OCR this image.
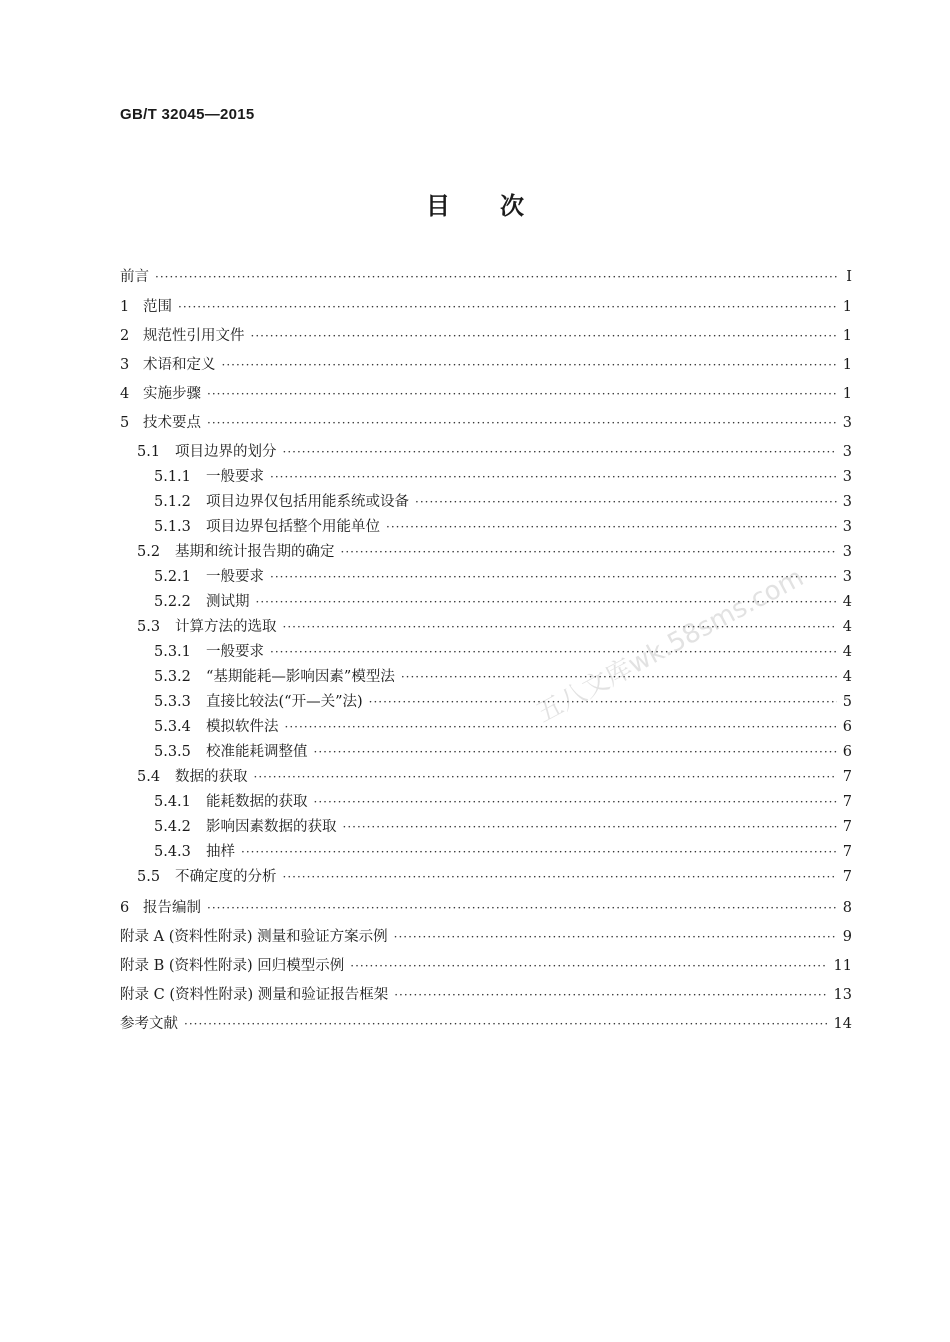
GB/T 32045—2015
目 次
前言 ·····	Ⅰ
1 范围 ·····	1
2 规范性引用文件 ·····	1
3 术语和定义 ·····	1
4 实施步骤 ·····	1
5 技术要点 ·····	3
5.1 项目边界的划分 ·····	3
5.1.1 一般要求 ·····	3
5.1.2 项目边界仅包括用能系统或设备 ·····	3
5.1.3 项目边界包括整个用能单位 ·····	3
5.2 基期和统计报告期的确定 ·····	3
5.2.1 一般要求 ·····	3
5.2.2 测试期 ·····	4
5.3 计算方法的选取 ·····	4
5.3.1 一般要求 ·····	4
5.3.2 “基期能耗—影响因素”模型法 ·····	4
5.3.3 直接比较法(“开—关”法) ·····	5
5.3.4 模拟软件法 ·····	6
5.3.5 校准能耗调整值 ·····	6
5.4 数据的获取 ·····	7
5.4.1 能耗数据的获取 ·····	7
5.4.2 影响因素数据的获取 ·····	7
5.4.3 抽样 ·····	7
5.5 不确定度的分析 ·····	7
6 报告编制 ·····	8
附录 A (资料性附录) 测量和验证方案示例 ·····	9
附录 B (资料性附录) 回归模型示例 ·····	11
附录 C (资料性附录) 测量和验证报告框架 ·····	13
参考文献 ·····	14
五八文库wk.58sms.com
